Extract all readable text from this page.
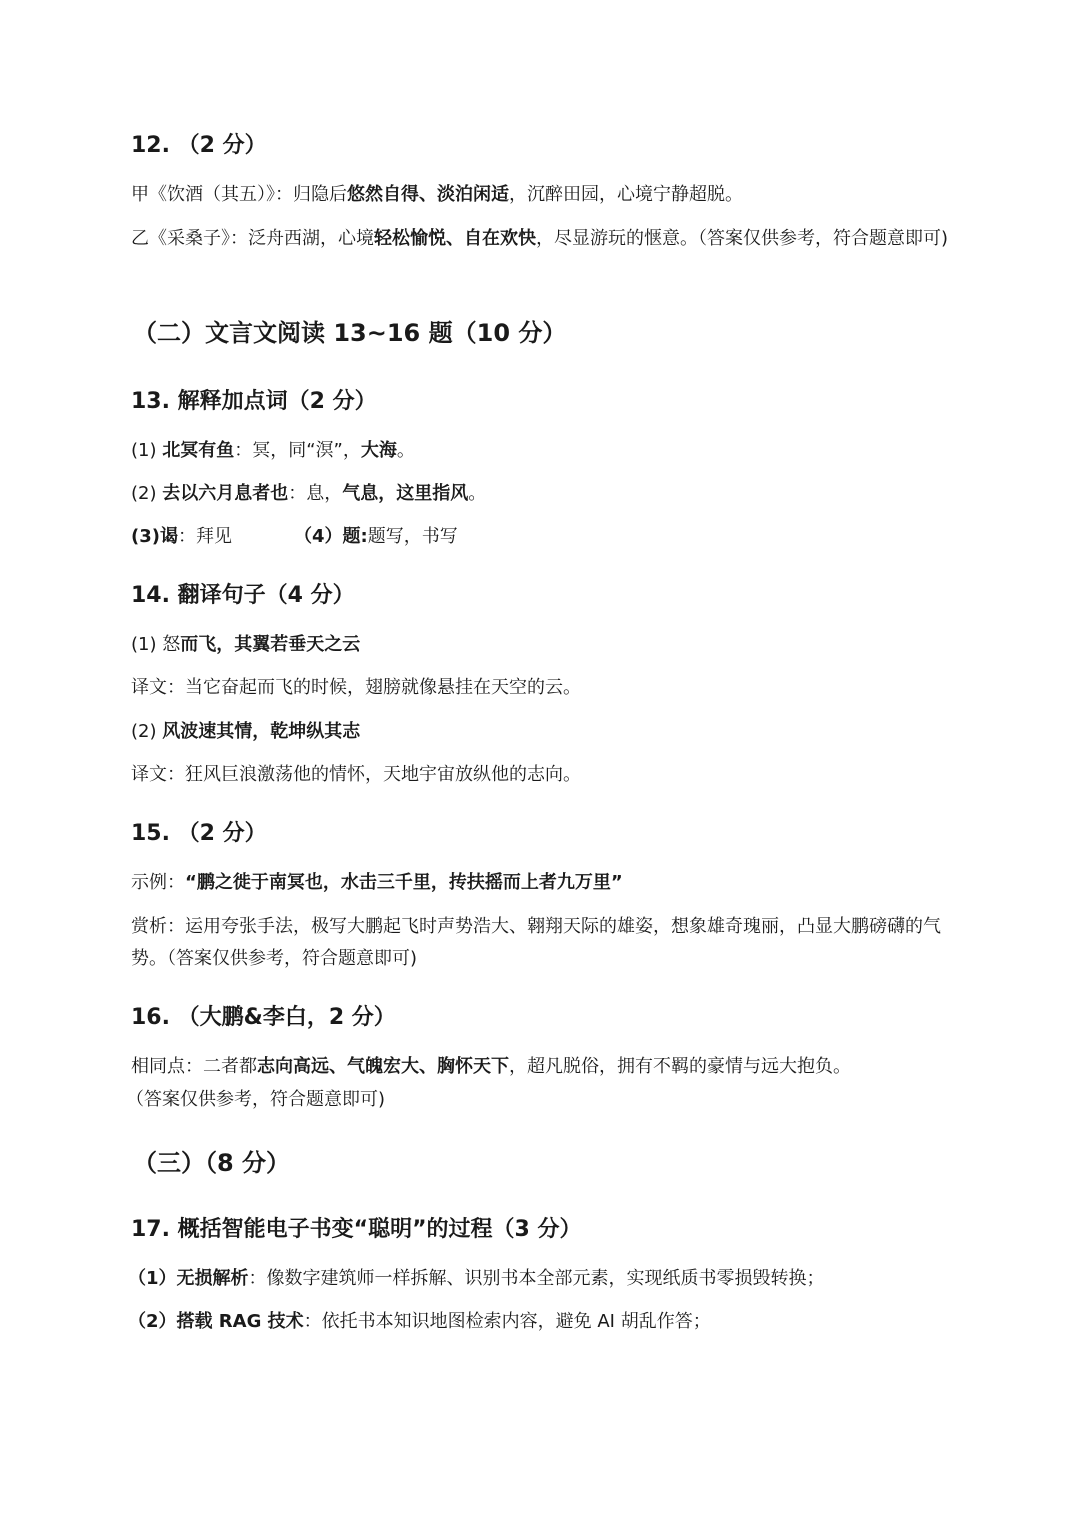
12. （2 分）
甲《饮酒（其五）》：归隐后悠然自得、淡泊闲适，沉醉田园，心境宁静超脱。
乙《采桑子》：泛舟西湖，心境轻松愉悦、自在欢快，尽显游玩的惬意。（答案仅供参考，符合题意即可)
（二）文言文阅读 13~16 题（10 分）
13. 解释加点词（2 分）
(1) 北冥有鱼：冥，同“溟”，大海。
(2) 去以六月息者也：息，气息，这里指风。
(3)谒：拜见	（4）题:题写，书写
14. 翻译句子（4 分）
(1) 怒而飞，其翼若垂天之云
译文：当它奋起而飞的时候，翅膀就像悬挂在天空的云。
(2) 风波速其情，乾坤纵其志
译文：狂风巨浪激荡他的情怀，天地宇宙放纵他的志向。
15. （2 分）
示例：“鹏之徙于南冥也，水击三千里，抟扶摇而上者九万里”
赏析：运用夸张手法，极写大鹏起飞时声势浩大、翱翔天际的雄姿，想象雄奇瑰丽，凸显大鹏磅礴的气势。（答案仅供参考，符合题意即可)
16. （大鹏&李白，2 分）
相同点：二者都志向高远、气魄宏大、胸怀天下，超凡脱俗，拥有不羁的豪情与远大抱负。
（答案仅供参考，符合题意即可)
（三）（8 分）
17. 概括智能电子书变“聪明”的过程（3 分）
（1）无损解析：像数字建筑师一样拆解、识别书本全部元素，实现纸质书零损毁转换；
（2）搭载 RAG 技术：依托书本知识地图检索内容，避免 AI 胡乱作答；
